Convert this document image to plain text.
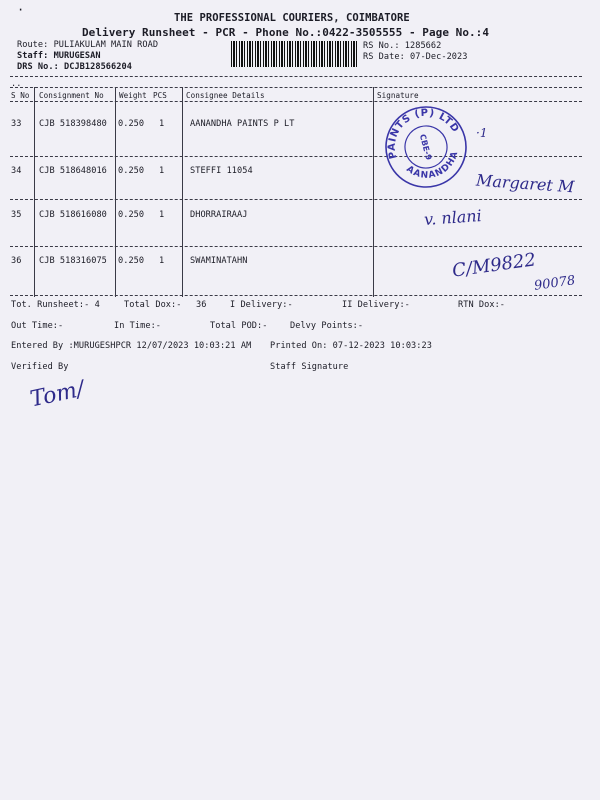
·
THE PROFESSIONAL COURIERS, COIMBATORE
Delivery Runsheet - PCR - Phone No.:0422-3505555 - Page No.:4
Route: PULIAKULAM MAIN ROAD
Staff: MURUGESAN
DRS No.: DCJB128566204
RS No.: 1285662
RS Date: 07-Dec-2023
..
S No Consignment No Weight PCS	Consignee Details	Signature
33 CJB 518398480 0.250 1	AANANDHA PAINTS P LT
34 CJB 518648016 0.250 1	STEFFI 11054
35 CJB 518616080 0.250 1	DHORRAIRAAJ
36 CJB 518316075 0.250 1	SWAMINATAHN
PAINTS (P) LTD
AANANDHA
CBE-9
·1
Margaret M
v. nlani
C/M9822
90078
Tot. Runsheet:- 4	Total Dox:- 36	I Delivery:-	II Delivery:-	RTN Dox:-
Out Time:-	In Time:-	Total POD:-	Delvy Points:-
Entered By :MURUGESHPCR 12/07/2023 10:03:21 AM Printed On: 07-12-2023 10:03:23
Verified By	Staff Signature
Tom/
